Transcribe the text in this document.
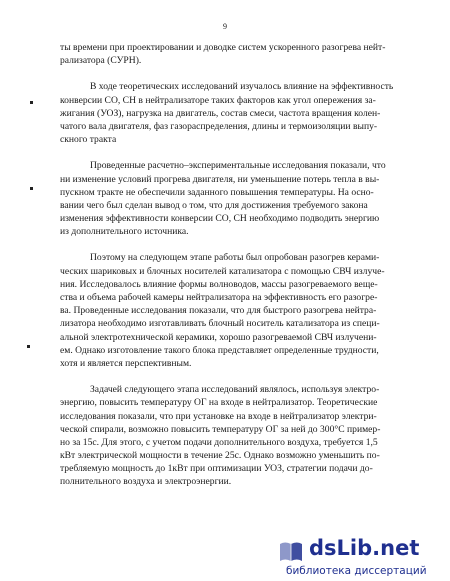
9
ты времени при проектировании и доводке систем ускоренного разогрева нейт-
рализатора (СУРН).
В ходе теоретических исследований изучалось влияние на эффективность
конверсии СО, СН в нейтрализаторе таких факторов как угол опережения за-
жигания (УОЗ), нагрузка на двигатель, состав смеси, частота вращения колен-
чатого вала двигателя, фаз газораспределения, длины и термоизоляции выпу-
скного тракта
Проведенные расчетно–экспериментальные исследования показали, что
ни изменение условий прогрева двигателя, ни уменьшение потерь тепла в вы-
пускном тракте не обеспечили заданного повышения температуры. На осно-
вании чего был сделан вывод о том, что для достижения требуемого закона
изменения эффективности конверсии СО, СН необходимо подводить энергию
из дополнительного источника.
Поэтому на следующем этапе работы был опробован разогрев керами-
ческих шариковых и блочных носителей катализатора с помощью СВЧ излуче-
ния. Исследовалось влияние формы волноводов, массы разогреваемого веще-
ства и объема рабочей камеры нейтрализатора на эффективность его разогре-
ва. Проведенные исследования показали, что для быстрого разогрева нейтра-
лизатора необходимо изготавливать блочный носитель катализатора из специ-
альной электротехнической керамики, хорошо разогреваемой СВЧ излучени-
ем. Однако изготовление такого блока представляет определенные трудности,
хотя и является перспективным.
Задачей следующего этапа исследований являлось, используя электро-
энергию, повысить температуру ОГ на входе в нейтрализатор. Теоретические
исследования показали, что при установке на входе в нейтрализатор электри-
ческой спирали, возможно повысить температуру ОГ за ней до 300°С пример-
но за 15с. Для этого, с учетом подачи дополнительного воздуха, требуется 1,5
кВт электрической мощности в течение 25с. Однако возможно уменьшить по-
требляемую мощность до 1кВт при оптимизации УОЗ, стратегии подачи до-
полнительного воздуха и электроэнергии.
dsLib.net
библиотека диссертаций
